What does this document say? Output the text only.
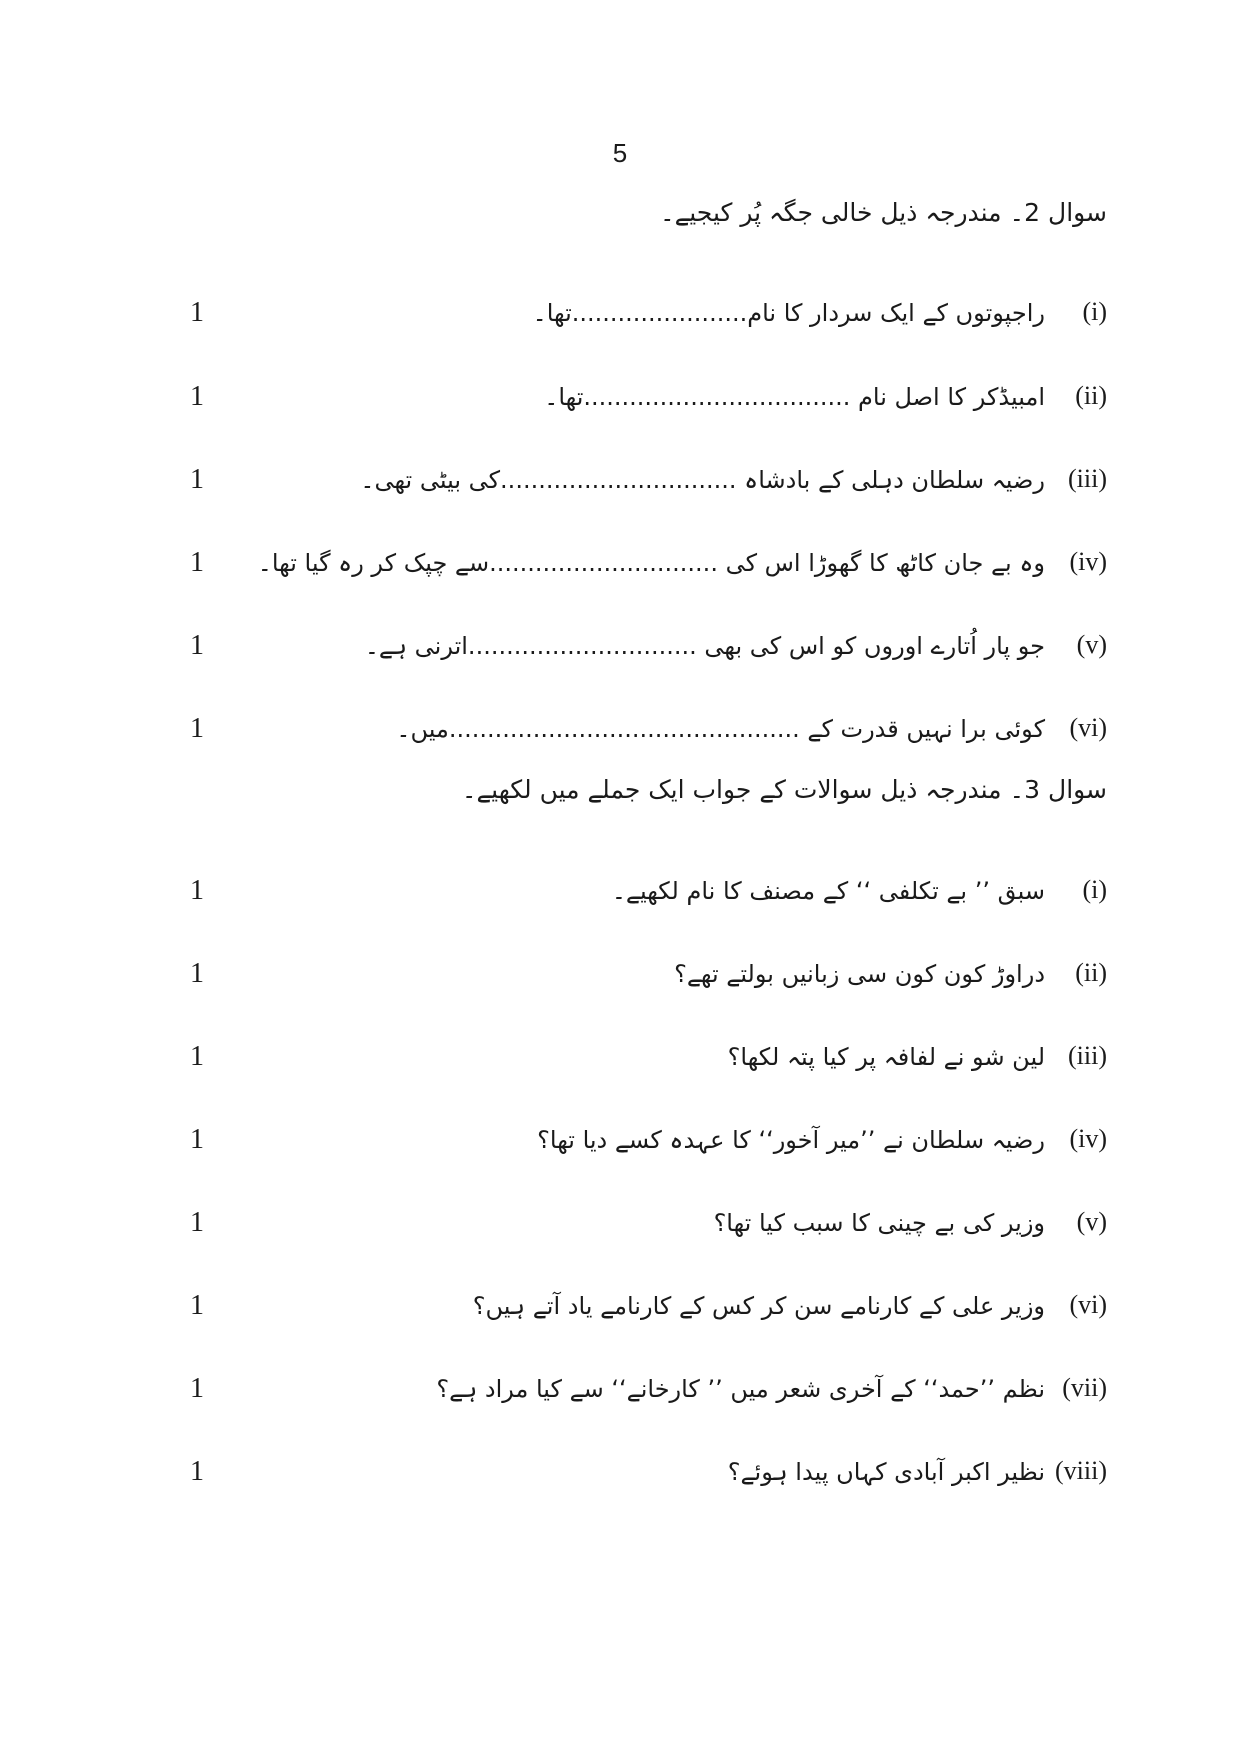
5
سوال 2۔ مندرجہ ذیل خالی جگہ پُر کیجیے۔
1	راجپوتوں کے ایک سردار کا نام.......................تھا۔ (i)
1	امبیڈکر کا اصل نام ...................................تھا۔ (ii)
1	رضیہ سلطان دہلی کے بادشاہ ...............................کی بیٹی تھی۔ (iii)
1 وہ بے جان کاٹھ کا گھوڑا اس کی ..............................سے چپک کر رہ گیا تھا۔ (iv)
1	جو پار اُتارے اوروں کو اس کی بھی ..............................اترنی ہے۔ (v)
1	کوئی برا نہیں قدرت کے ..............................................میں۔ (vi)
سوال 3۔ مندرجہ ذیل سوالات کے جواب ایک جملے میں لکھیے۔
1	سبق ’’ بے تکلفی ‘‘ کے مصنف کا نام لکھیے۔ (i)
1	دراوڑ کون کون سی زبانیں بولتے تھے؟ (ii)
1	لین شو نے لفافہ پر کیا پتہ لکھا؟ (iii)
1	رضیہ سلطان نے ’’میر آخور‘‘ کا عہدہ کسے دیا تھا؟ (iv)
1	وزیر کی بے چینی کا سبب کیا تھا؟ (v)
1	وزیر علی کے کارنامے سن کر کس کے کارنامے یاد آتے ہیں؟ (vi)
1	نظم ’’حمد‘‘ کے آخری شعر میں ’’ کارخانے‘‘ سے کیا مراد ہے؟ (vii)
1	نظیر اکبر آبادی کہاں پیدا ہوئے؟ (viii)
